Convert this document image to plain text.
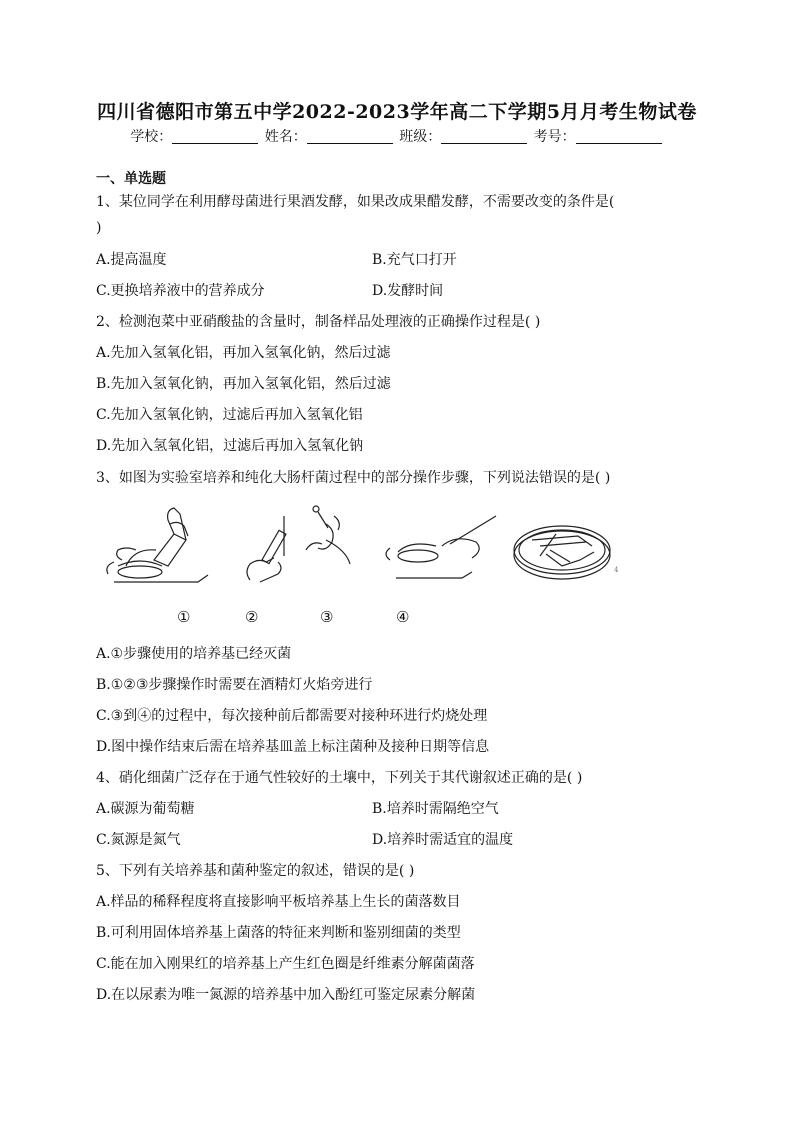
四川省德阳市第五中学2022-2023学年高二下学期5月月考生物试卷
学校：	姓名：	班级：	考号：
一、单选题
1、某位同学在利用酵母菌进行果酒发酵，如果改成果醋发酵，不需要改变的条件是(
)
A.提高温度	B.充气口打开
C.更换培养液中的营养成分	D.发酵时间
2、检测泡菜中亚硝酸盐的含量时，制备样品处理液的正确操作过程是( )
A.先加入氢氧化铝，再加入氢氧化钠，然后过滤
B.先加入氢氧化钠，再加入氢氧化铝，然后过滤
C.先加入氢氧化钠，过滤后再加入氢氧化铝
D.先加入氢氧化铝，过滤后再加入氢氧化钠
3、如图为实验室培养和纯化大肠杆菌过程中的部分操作步骤，下列说法错误的是( )
4
①	②	③	④
A.①步骤使用的培养基已经灭菌
B.①②③步骤操作时需要在酒精灯火焰旁进行
C.③到④的过程中，每次接种前后都需要对接种环进行灼烧处理
D.图中操作结束后需在培养基皿盖上标注菌种及接种日期等信息
4、硝化细菌广泛存在于通气性较好的土壤中，下列关于其代谢叙述正确的是( )
A.碳源为葡萄糖	B.培养时需隔绝空气
C.氮源是氮气	D.培养时需适宜的温度
5、下列有关培养基和菌种鉴定的叙述，错误的是( )
A.样品的稀释程度将直接影响平板培养基上生长的菌落数目
B.可利用固体培养基上菌落的特征来判断和鉴别细菌的类型
C.能在加入刚果红的培养基上产生红色圈是纤维素分解菌菌落
D.在以尿素为唯一氮源的培养基中加入酚红可鉴定尿素分解菌
